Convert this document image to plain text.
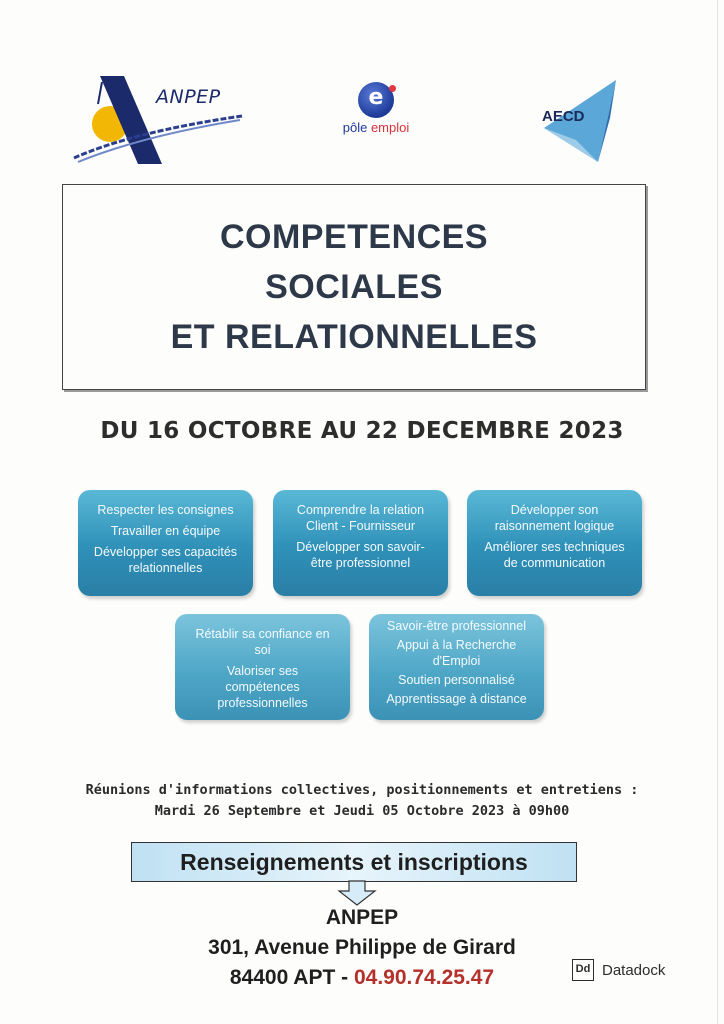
ANPEP	e
pôle emploi
AECD
COMPETENCES
SOCIALES
ET RELATIONNELLES
DU 16 OCTOBRE AU 22 DECEMBRE 2023
Respecter les consignes
Travailler en équipe
Développer ses capacités
relationnelles
Comprendre la relation
Client - Fournisseur
Développer son savoir-
être professionnel
Développer son
raisonnement logique
Améliorer ses techniques
de communication
Rétablir sa confiance en
soi
Valoriser ses
compétences
professionnelles
Savoir-être professionnel
Appui à la Recherche
d'Emploi
Soutien personnalisé
Apprentissage à distance
Réunions d'informations collectives, positionnements et entretiens :
Mardi 26 Septembre et Jeudi 05 Octobre 2023 à 09h00
Renseignements et inscriptions
ANPEP
301, Avenue Philippe de Girard
84400 APT - 04.90.74.25.47	Dd Datadock
